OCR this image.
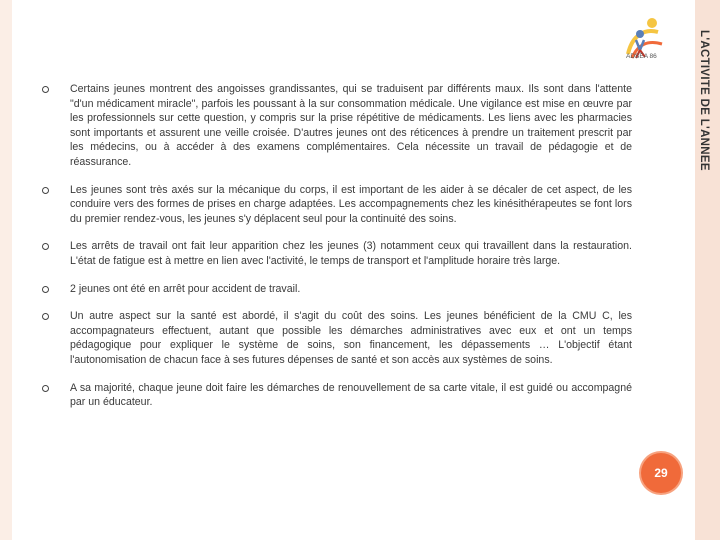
L'ACTIVITE DE L'ANNEE
ADSEA 86
Certains jeunes montrent des angoisses grandissantes, qui se traduisent par différents maux. Ils sont dans l'attente "d'un médicament miracle", parfois les poussant à la sur consommation médicale. Une vigilance est mise en œuvre par les professionnels sur cette question, y compris sur la prise répétitive de médicaments. Les liens avec les pharmacies sont importants et assurent une veille croisée. D'autres jeunes ont des réticences à prendre un traitement prescrit par les médecins, ou à accéder à des examens complémentaires. Cela nécessite un travail de pédagogie et de réassurance.
Les jeunes sont très axés sur la mécanique du corps, il est important de les aider à se décaler de cet aspect, de les conduire vers des formes de prises en charge adaptées. Les accompagnements chez les kinésithérapeutes se font lors du premier rendez-vous, les jeunes s'y déplacent seul pour la continuité des soins.
Les arrêts de travail ont fait leur apparition chez les jeunes (3) notamment ceux qui travaillent dans la restauration. L'état de fatigue est à mettre en lien avec l'activité, le temps de transport et l'amplitude horaire très large.
2 jeunes ont été en arrêt pour accident de travail.
Un autre aspect sur la santé est abordé, il s'agit du coût des soins. Les jeunes bénéficient de la CMU C, les accompagnateurs effectuent, autant que possible les démarches administratives avec eux et ont un temps pédagogique pour expliquer le système de soins, son financement, les dépassements … L'objectif étant l'autonomisation de chacun face à ses futures dépenses de santé et son accès aux systèmes de soins.
A sa majorité, chaque jeune doit faire les démarches de renouvellement de sa carte vitale, il est guidé ou accompagné par un éducateur.
29
